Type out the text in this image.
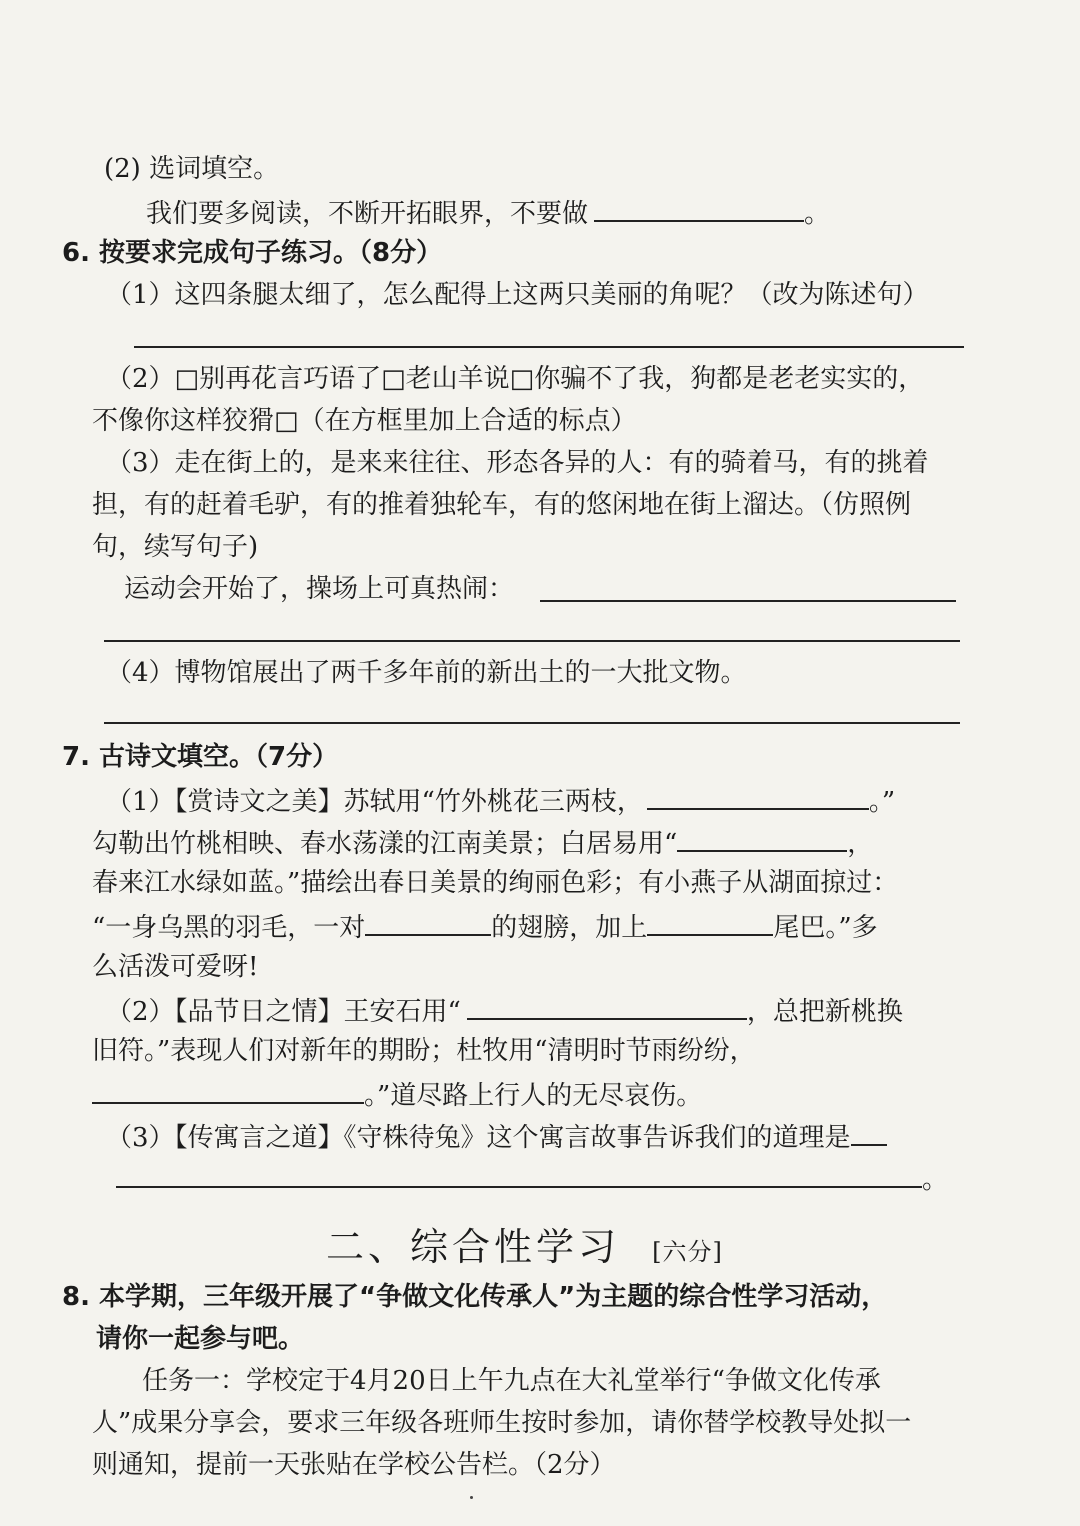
(2) 选词填空。
我们要多阅读，不断开拓眼界，不要做	。
6. 按要求完成句子练习。（8分）
（1）这四条腿太细了，怎么配得上这两只美丽的角呢？（改为陈述句）
（2）□别再花言巧语了□老山羊说□你骗不了我，狗都是老老实实的，
不像你这样狡猾□（在方框里加上合适的标点）
（3）走在街上的，是来来往往、形态各异的人：有的骑着马，有的挑着
担，有的赶着毛驴，有的推着独轮车，有的悠闲地在街上溜达。（仿照例
句，续写句子)
运动会开始了，操场上可真热闹：
（4）博物馆展出了两千多年前的新出土的一大批文物。
7. 古诗文填空。（7分）
（1）【赏诗文之美】苏轼用“竹外桃花三两枝，	。”
勾勒出竹桃相映、春水荡漾的江南美景；白居易用“	，
春来江水绿如蓝。”描绘出春日美景的绚丽色彩；有小燕子从湖面掠过：
“一身乌黑的羽毛，一对	的翅膀，加上	尾巴。”多
么活泼可爱呀!
（2）【品节日之情】王安石用“	，总把新桃换
旧符。”表现人们对新年的期盼；杜牧用“清明时节雨纷纷，
。”道尽路上行人的无尽哀伤。
（3）【传寓言之道】《守株待兔》这个寓言故事告诉我们的道理是
。
二、综合性学习 [六分]
8. 本学期，三年级开展了“争做文化传承人”为主题的综合性学习活动，
请你一起参与吧。
任务一：学校定于4月20日上午九点在大礼堂举行“争做文化传承
人”成果分享会，要求三年级各班师生按时参加，请你替学校教导处拟一
则通知，提前一天张贴在学校公告栏。（2分）
